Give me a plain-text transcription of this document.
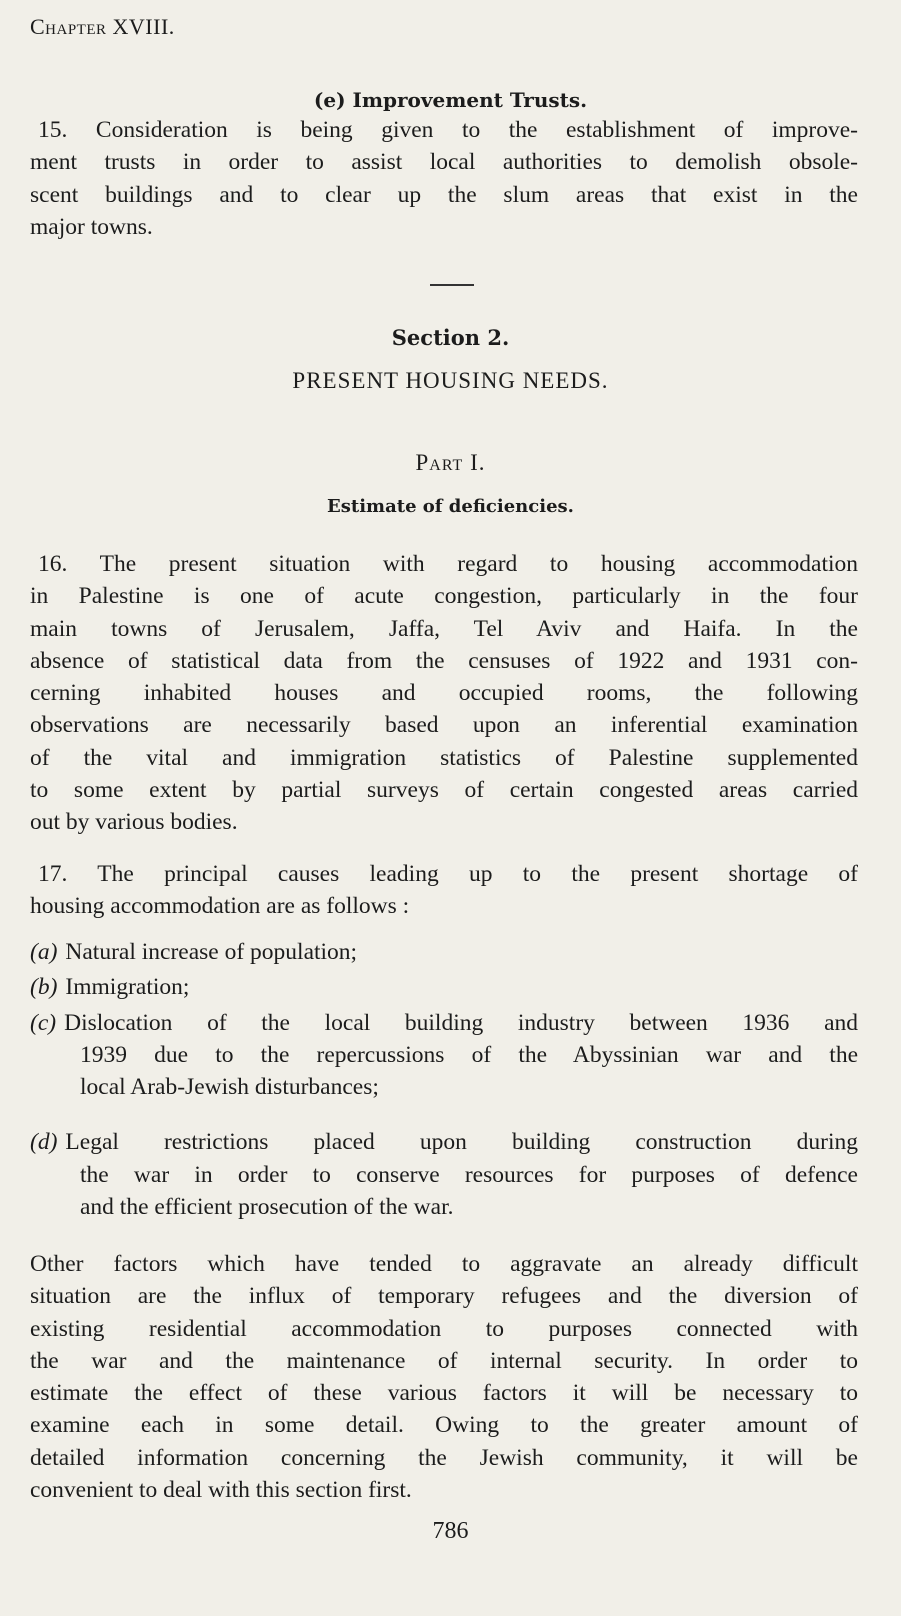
Chapter XVIII.
(e) Improvement Trusts.
15. Consideration is being given to the establishment of improve-
ment trusts in order to assist local authorities to demolish obsole-
scent buildings and to clear up the slum areas that exist in the
major towns.
Section 2.
PRESENT HOUSING NEEDS.
Part I.
Estimate of deficiencies.
16. The present situation with regard to housing accommodation
in Palestine is one of acute congestion, particularly in the four
main towns of Jerusalem, Jaffa, Tel Aviv and Haifa. In the
absence of statistical data from the censuses of 1922 and 1931 con-
cerning inhabited houses and occupied rooms, the following
observations are necessarily based upon an inferential examination
of the vital and immigration statistics of Palestine supplemented
to some extent by partial surveys of certain congested areas carried
out by various bodies.
17. The principal causes leading up to the present shortage of
housing accommodation are as follows :
(a) Natural increase of population;
(b) Immigration;
(c) Dislocation of the local building industry between 1936 and
1939 due to the repercussions of the Abyssinian war and the
local Arab-Jewish disturbances;
(d) Legal restrictions placed upon building construction during
the war in order to conserve resources for purposes of defence
and the efficient prosecution of the war.
Other factors which have tended to aggravate an already difficult
situation are the influx of temporary refugees and the diversion of
existing residential accommodation to purposes connected with
the war and the maintenance of internal security. In order to
estimate the effect of these various factors it will be necessary to
examine each in some detail. Owing to the greater amount of
detailed information concerning the Jewish community, it will be
convenient to deal with this section first.
786
